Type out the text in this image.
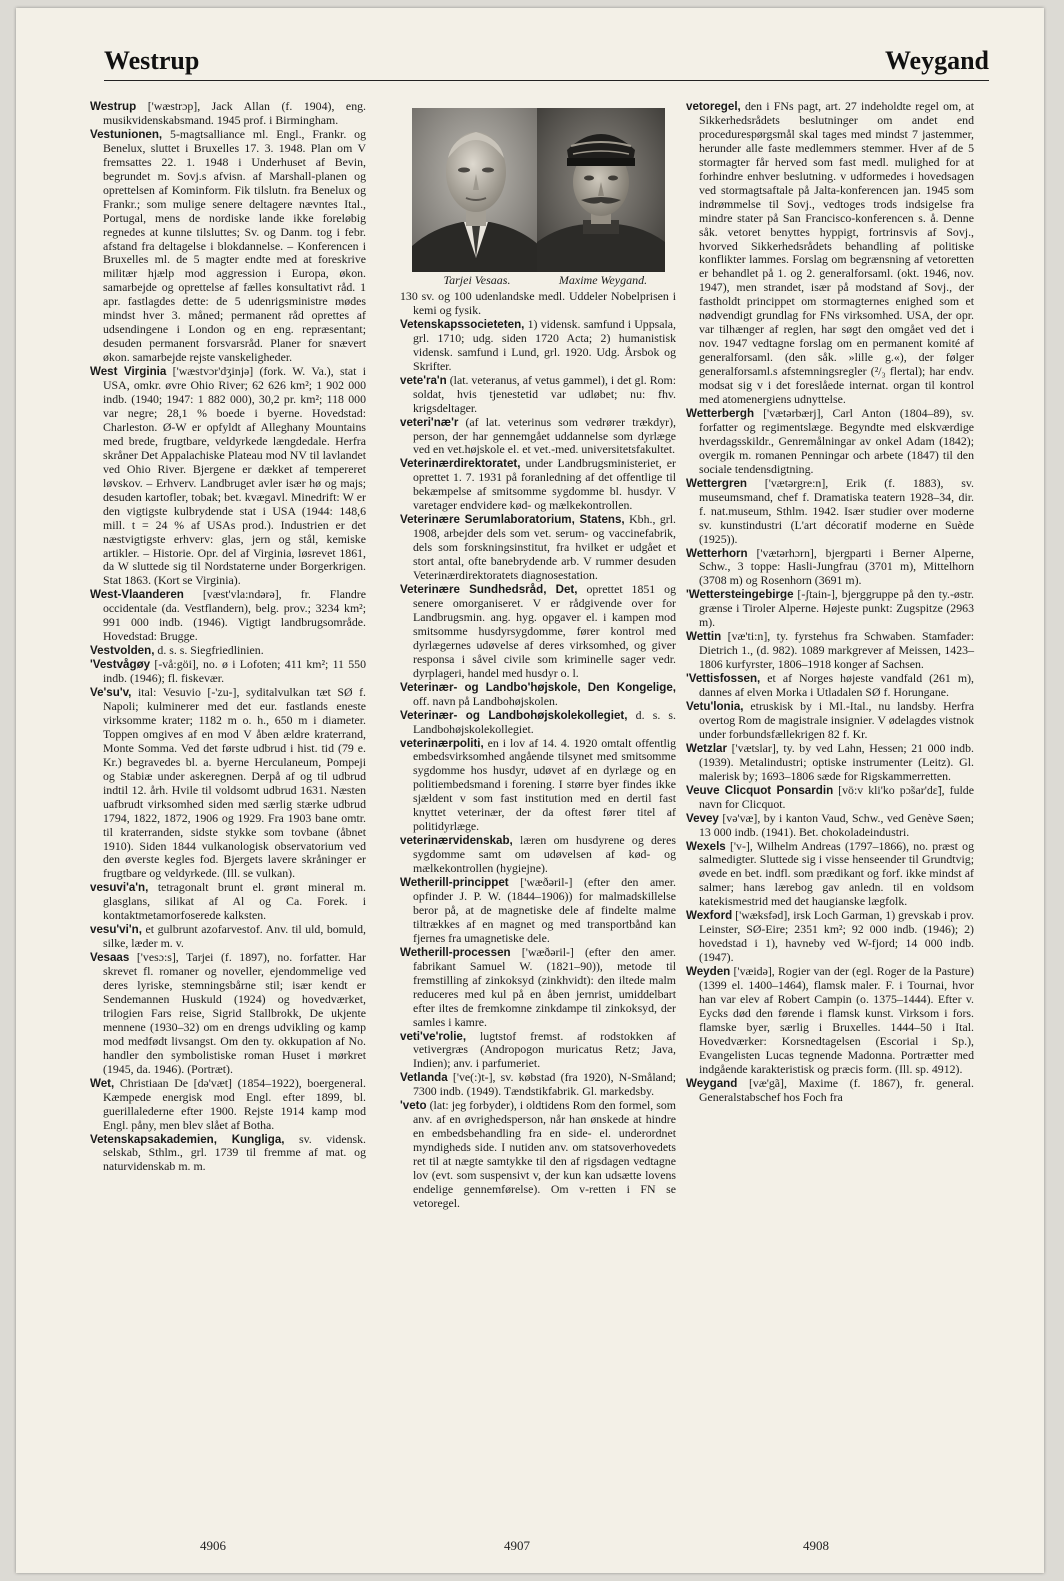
Westrup	Weygand

Westrup ['wæstrɔp], Jack Allan (f. 1904), eng. musikvidenskabsmand. 1945 prof. i Birmingham.

Vestunionen, 5-magtsalliance ml. Engl., Frankr. og Benelux, sluttet i Bruxelles 17. 3. 1948. Plan om V fremsattes 22. 1. 1948 i Underhuset af Bevin, begrundet m. Sovj.s afvisn. af Marshall-planen og oprettelsen af Kominform. Fik tilslutn. fra Benelux og Frankr.; som mulige senere deltagere nævntes Ital., Portugal, mens de nordiske lande ikke foreløbig regnedes at kunne tilsluttes; Sv. og Danm. tog i febr. afstand fra deltagelse i blokdannelse. – Konferencen i Bruxelles ml. de 5 magter endte med at foreskrive militær hjælp mod aggression i Europa, økon. samarbejde og oprettelse af fælles konsultativt råd. 1 apr. fastlagdes dette: de 5 udenrigsministre mødes mindst hver 3. måned; permanent råd oprettes af udsendingene i London og en eng. repræsentant; desuden permanent forsvarsråd. Planer for snævert økon. samarbejde rejste vanskeligheder.

West Virginia ['wæstvɔr'dʒinjə] (fork. W. Va.), stat i USA, omkr. øvre Ohio River; 62 626 km²; 1 902 000 indb. (1940; 1947: 1 882 000), 30,2 pr. km²; 118 000 var negre; 28,1 % boede i byerne. Hovedstad: Charleston. Ø-W er opfyldt af Alleghany Mountains med brede, frugtbare, veldyrkede længdedale. Herfra skråner Det Appalachiske Plateau mod NV til lavlandet ved Ohio River. Bjergene er dækket af tempereret løvskov. – Erhverv. Landbruget avler især hø og majs; desuden kartofler, tobak; bet. kvægavl. Minedrift: W er den vigtigste kulbrydende stat i USA (1944: 148,6 mill. t = 24 % af USAs prod.). Industrien er det næstvigtigste erhverv: glas, jern og stål, kemiske artikler. – Historie. Opr. del af Virginia, løsrevet 1861, da W sluttede sig til Nordstaterne under Borgerkrigen. Stat 1863. (Kort se Virginia).

West-Vlaanderen [væst'vla:ndərə], fr. Flandre occidentale (da. Vestflandern), belg. prov.; 3234 km²; 991 000 indb. (1946). Vigtigt landbrugsområde. Hovedstad: Brugge.

Vestvolden, d. s. s. Siegfriedlinien.

'Vestvågøy [-vå:göi], no. ø i Lofoten; 411 km²; 11 550 indb. (1946); fl. fiskevær.

Ve'su'v, ital: Vesuvio [-'zu-], syditalvulkan tæt SØ f. Napoli; kulminerer med det eur. fastlands eneste virksomme krater; 1182 m o. h., 650 m i diameter. Toppen omgives af en mod V åben ældre kraterrand, Monte Somma. Ved det første udbrud i hist. tid (79 e. Kr.) begravedes bl. a. byerne Herculaneum, Pompeji og Stabiæ under askeregnen. Derpå af og til udbrud indtil 12. årh. Hvile til voldsomt udbrud 1631. Næsten uafbrudt virksomhed siden med særlig stærke udbrud 1794, 1822, 1872, 1906 og 1929. Fra 1903 bane omtr. til kraterranden, sidste stykke som tovbane (åbnet 1910). Siden 1844 vulkanologisk observatorium ved den øverste kegles fod. Bjergets lavere skråninger er frugtbare og veldyrkede. (Ill. se vulkan).

vesuvi'a'n, tetragonalt brunt el. grønt mineral m. glasglans, silikat af Al og Ca. Forek. i kontaktmetamorfoserede kalksten.

vesu'vi'n, et gulbrunt azofarvestof. Anv. til uld, bomuld, silke, læder m. v.

Vesaas ['vesɔ:s], Tarjei (f. 1897), no. forfatter. Har skrevet fl. romaner og noveller, ejendommelige ved deres lyriske, stemningsbårne stil; især kendt er Sendemannen Huskuld (1924) og hovedværket, trilogien Fars reise, Sigrid Stallbrokk, De ukjente mennene (1930–32) om en drengs udvikling og kamp mod medfødt livsangst. Om den ty. okkupation af No. handler den symbolistiske roman Huset i mørkret (1945, da. 1946). (Portræt).

Wet, Christiaan De [də'væt] (1854–1922), boergeneral. Kæmpede energisk mod Engl. efter 1899, bl. guerillalederne efter 1900. Rejste 1914 kamp mod Engl. påny, men blev slået af Botha.

Vetenskapsakademien, Kungliga, sv. vidensk. selskab, Sthlm., grl. 1739 til fremme af mat. og naturvidenskab m. m.

Tarjei Vesaas.	Maxime Weygand.

130 sv. og 100 udenlandske medl. Uddeler Nobelprisen i kemi og fysik.

Vetenskapssocieteten, 1) vidensk. samfund i Uppsala, grl. 1710; udg. siden 1720 Acta; 2) humanistisk vidensk. samfund i Lund, grl. 1920. Udg. Årsbok og Skrifter.

vete'ra'n (lat. veteranus, af vetus gammel), i det gl. Rom: soldat, hvis tjenestetid var udløbet; nu: fhv. krigsdeltager.

veteri'næ'r (af lat. veterinus som vedrører trækdyr), person, der har gennemgået uddannelse som dyrlæge ved en vet.højskole el. et vet.-med. universitetsfakultet.

Veterinærdirektoratet, under Landbrugsministeriet, er oprettet 1. 7. 1931 på foranledning af det offentlige til bekæmpelse af smitsomme sygdomme bl. husdyr. V varetager endvidere kød- og mælkekontrollen.

Veterinære Serumlaboratorium, Statens, Kbh., grl. 1908, arbejder dels som vet. serum- og vaccinefabrik, dels som forskningsinstitut, fra hvilket er udgået et stort antal, ofte banebrydende arb. V rummer desuden Veterinærdirektoratets diagnosestation.

Veterinære Sundhedsråd, Det, oprettet 1851 og senere omorganiseret. V er rådgivende over for Landbrugsmin. ang. hyg. opgaver el. i kampen mod smitsomme husdyrsygdomme, fører kontrol med dyrlægernes udøvelse af deres virksomhed, og giver responsa i såvel civile som kriminelle sager vedr. dyrplageri, handel med husdyr o. l.

Veterinær- og Landbo'højskole, Den Kongelige, off. navn på Landbohøjskolen.

Veterinær- og Landbohøjskolekollegiet, d. s. s. Landbohøjskolekollegiet.

veterinærpoliti, en i lov af 14. 4. 1920 omtalt offentlig embedsvirksomhed angående tilsynet med smitsomme sygdomme hos husdyr, udøvet af en dyrlæge og en politiembedsmand i forening. I større byer findes ikke sjældent v som fast institution med en dertil fast knyttet veterinær, der da oftest fører titel af politidyrlæge.

veterinærvidenskab, læren om husdyrene og deres sygdomme samt om udøvelsen af kød- og mælkekontrollen (hygiejne).

Wetherill-princippet ['wæðəril-] (efter den amer. opfinder J. P. W. (1844–1906)) for malmadskillelse beror på, at de magnetiske dele af findelte malme tiltrækkes af en magnet og med transportbånd kan fjernes fra umagnetiske dele.

Wetherill-processen ['wæðəril-] (efter den amer. fabrikant Samuel W. (1821–90)), metode til fremstilling af zinkoksyd (zinkhvidt): den iltede malm reduceres med kul på en åben jernrist, umiddelbart efter iltes de fremkomne zinkdampe til zinkoksyd, der samles i kamre.

veti've'rolie, lugtstof fremst. af rodstokken af vetivergræs (Andropogon muricatus Retz; Java, Indien); anv. i parfumeriet.

Vetlanda ['ve(:)t-], sv. købstad (fra 1920), N-Småland; 7300 indb. (1949). Tændstikfabrik. Gl. markedsby.

'veto (lat: jeg forbyder), i oldtidens Rom den formel, som anv. af en øvrighedsperson, når han ønskede at hindre en embedsbehandling fra en side- el. underordnet myndigheds side. I nutiden anv. om statsoverhovedets ret til at nægte samtykke til den af rigsdagen vedtagne lov (evt. som suspensivt v, der kun kan udsætte lovens endelige gennemførelse). Om v-retten i FN se vetoregel.

vetoregel, den i FNs pagt, art. 27 indeholdte regel om, at Sikkerhedsrådets beslutninger om andet end procedurespørgsmål skal tages med mindst 7 jastemmer, herunder alle faste medlemmers stemmer. Hver af de 5 stormagter får herved som fast medl. mulighed for at forhindre enhver beslutning. v udformedes i hovedsagen ved stormagtsaftale på Jalta-konferencen jan. 1945 som indrømmelse til Sovj., vedtoges trods indsigelse fra mindre stater på San Francisco-konferencen s. å. Denne såk. vetoret benyttes hyppigt, fortrinsvis af Sovj., hvorved Sikkerhedsrådets behandling af politiske konflikter lammes. Forslag om begrænsning af vetoretten er behandlet på 1. og 2. generalforsaml. (okt. 1946, nov. 1947), men strandet, især på modstand af Sovj., der fastholdt princippet om stormagternes enighed som et nødvendigt grundlag for FNs virksomhed. USA, der opr. var tilhænger af reglen, har søgt den omgået ved det i nov. 1947 vedtagne forslag om en permanent komité af generalforsaml. (den såk. »lille g.«), der følger generalforsaml.s afstemningsregler (²/₃ flertal); har endv. modsat sig v i det foreslåede internat. organ til kontrol med atomenergiens udnyttelse.

Wetterbergh ['vætərbærj], Carl Anton (1804–89), sv. forfatter og regimentslæge. Begyndte med elskværdige hverdagsskildr., Genremålningar av onkel Adam (1842); overgik m. romanen Penningar och arbete (1847) til den sociale tendensdigtning.

Wettergren ['vætərgre:n], Erik (f. 1883), sv. museumsmand, chef f. Dramatiska teatern 1928–34, dir. f. nat.museum, Sthlm. 1942. Især studier over moderne sv. kunstindustri (L'art décoratif moderne en Suède (1925)).

Wetterhorn ['vætərhɔrn], bjergparti i Berner Alperne, Schw., 3 toppe: Hasli-Jungfrau (3701 m), Mittelhorn (3708 m) og Rosenhorn (3691 m).

'Wettersteingebirge [-ʃtain-], bjerggruppe på den ty.-østr. grænse i Tiroler Alperne. Højeste punkt: Zugspitze (2963 m).

Wettin [væ'ti:n], ty. fyrstehus fra Schwaben. Stamfader: Dietrich 1., (d. 982). 1089 markgrever af Meissen, 1423–1806 kurfyrster, 1806–1918 konger af Sachsen.

'Vettisfossen, et af Norges højeste vandfald (261 m), dannes af elven Morka i Utladalen SØ f. Horungane.

Vetu'lonia, etruskisk by i Ml.-Ital., nu landsby. Herfra overtog Rom de magistrale insignier. V ødelagdes vistnok under forbundsfællekrigen 82 f. Kr.

Wetzlar ['vætslar], ty. by ved Lahn, Hessen; 21 000 indb. (1939). Metalindustri; optiske instrumenter (Leitz). Gl. malerisk by; 1693–1806 sæde for Rigskammerretten.

Veuve Clicquot Ponsardin [vö:v kli'ko pɔ̃sar'dɛ̃], fulde navn for Clicquot.

Vevey [və'væ], by i kanton Vaud, Schw., ved Genève Søen; 13 000 indb. (1941). Bet. chokoladeindustri.

Wexels ['v-], Wilhelm Andreas (1797–1866), no. præst og salmedigter. Sluttede sig i visse henseender til Grundtvig; øvede en bet. indfl. som prædikant og forf. ikke mindst af salmer; hans lærebog gav anledn. til en voldsom katekismestrid med det haugianske lægfolk.

Wexford ['wæksfəd], irsk Loch Garman, 1) grevskab i prov. Leinster, SØ-Eire; 2351 km²; 92 000 indb. (1946); 2) hovedstad i 1), havneby ved W-fjord; 14 000 indb. (1947).

Weyden ['væidə], Rogier van der (egl. Roger de la Pasture) (1399 el. 1400–1464), flamsk maler. F. i Tournai, hvor han var elev af Robert Campin (o. 1375–1444). Efter v. Eycks død den førende i flamsk kunst. Virksom i fors. flamske byer, særlig i Bruxelles. 1444–50 i Ital. Hovedværker: Korsnedtagelsen (Escorial i Sp.), Evangelisten Lucas tegnende Madonna. Portrætter med indgående karakteristisk og præcis form. (Ill. sp. 4912).

Weygand [væ'gã], Maxime (f. 1867), fr. general. Generalstabschef hos Foch fra

4906	4907	4908
